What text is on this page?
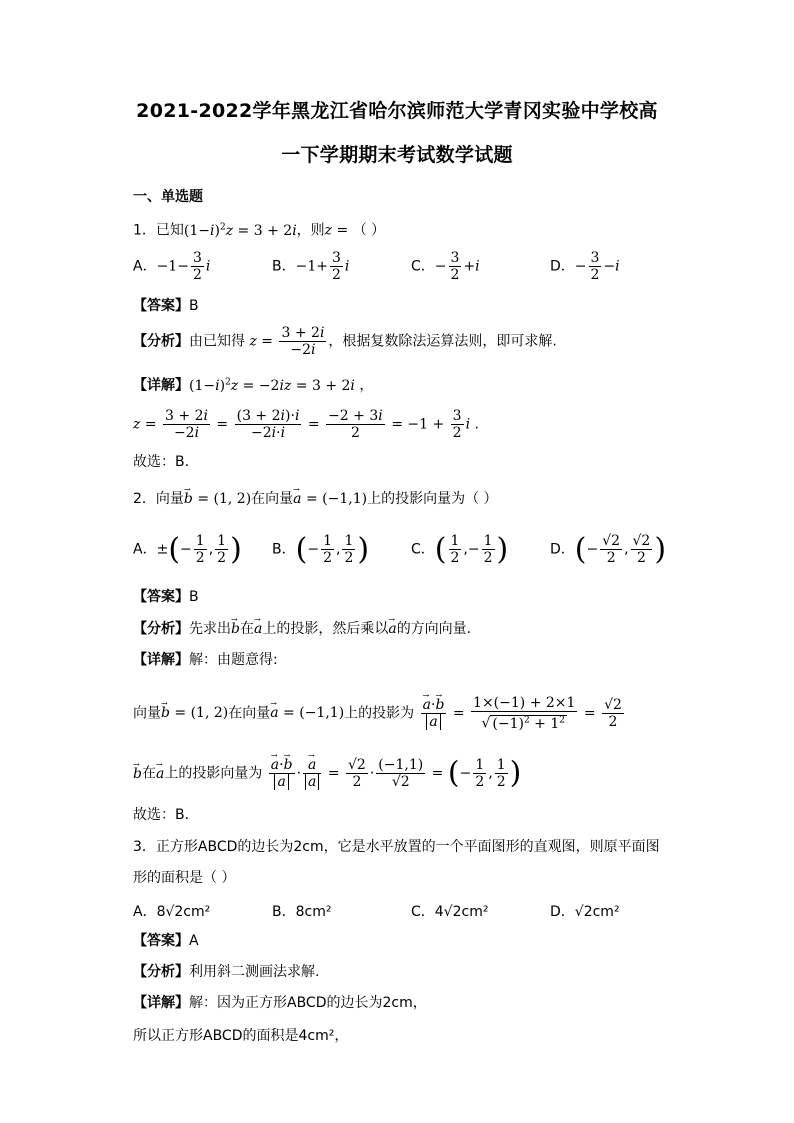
2021-2022学年黑龙江省哈尔滨师范大学青冈实验中学校高
一下学期期末考试数学试题
一、单选题
1．已知$(1-i)^2z = 3 + 2i$，则z = （ ）
A．$-1- \frac{3}{2}$ i	B．$-1+ \frac{3}{2}$ i	C．− $\frac{3}{2} +i$	D．− $\frac{3}{2} -i$
【答案】B
【分析】由已知得 $z = \frac{3 + 2i}{-2i}$ ，根据复数除法运算法则，即可求解.
【详解】$(1-i)^2z = -2iz = 3 + 2i$ ，
$z = \frac{3 + 2i}{-2i} = \frac{(3 + 2i)\cdot i}{-2i\cdot i} = \frac{-2 + 3i}{2} = -1 + \frac{3}{2}$ i .
故选：B.
2．向量→ b = (1, 2)在向量→ a = (−1,1)上的投影向量为（ ）
A．±(− $\frac{1}{2}$ , $\frac{1}{2}$ ) B．(− $\frac{1}{2}$ , $\frac{1}{2}$ )	C．( $\frac{1}{2}$ ,− $\frac{1}{2}$ )	D．(− $\frac{√2}{2}$ , $\frac{√2}{2}$ )
【答案】B
【分析】先求出→ b在→ a上的投影，然后乘以→ a的方向向量.
【详解】解：由题意得:
向量→ b = (1, 2)在向量→ a = (−1,1)上的投影为 → $\frac{a\cdot\to b}{a} = \frac{1\times(-1) + 2\times 1}{√ (-1)^2 + 1^2} = \frac{√2}{2}$
→ b在→ a上的投影向量为 → $\frac{a\cdot\to b}{a}$ · → $\frac{a}{a} = \frac{√2}{2} \cdot \frac{(-1,1)}{√2}$ = (− $\frac{1}{2}$ , $\frac{1}{2}$ )
故选：B．
3．正方形ABCD的边长为2cm，它是水平放置的一个平面图形的直观图，则原平面图
形的面积是（ ）
A．8√2cm²	B．8cm²	C．4√2cm²	D．√2cm²
【答案】A
【分析】利用斜二测画法求解.
【详解】解：因为正方形ABCD的边长为2cm，
所以正方形ABCD的面积是4cm²，
